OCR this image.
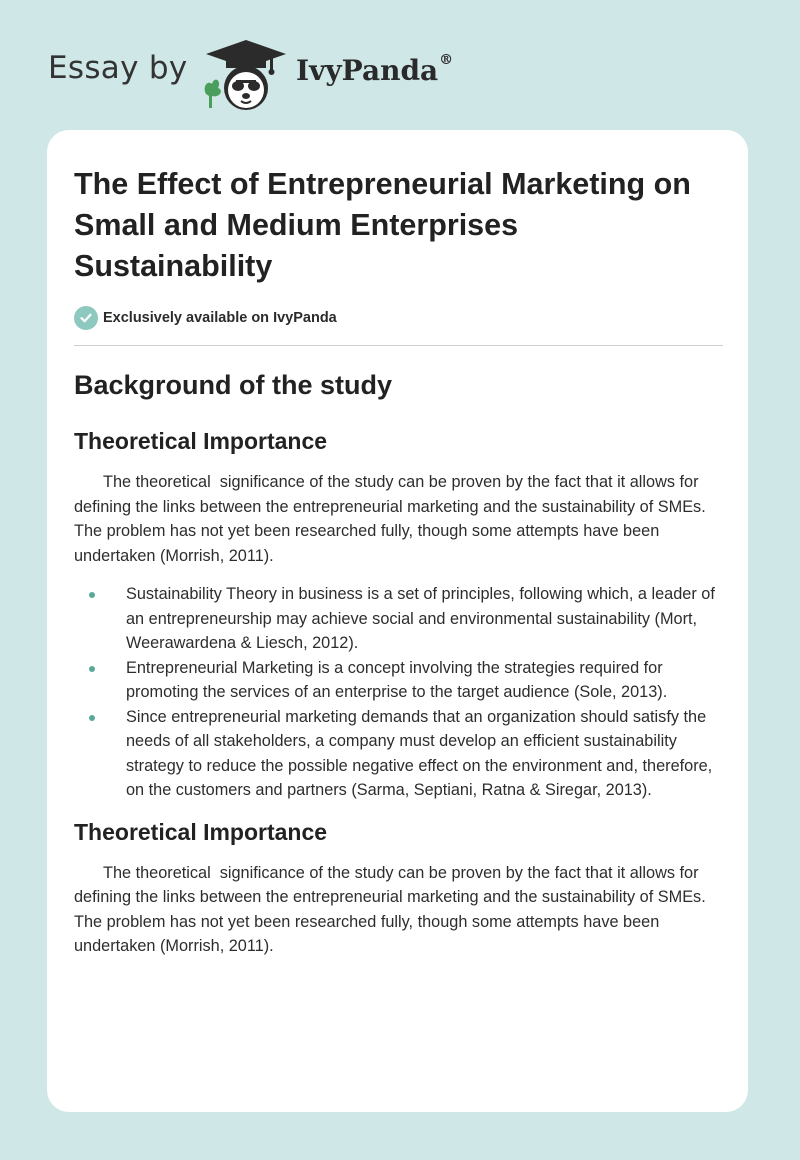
Essay by	IvyPanda®
The Effect of Entrepreneurial Marketing on Small and Medium Enterprises Sustainability
Exclusively available on IvyPanda
Background of the study
Theoretical Importance

The theoretical  significance of the study can be proven by the fact that it allows for defining the links between the entrepreneurial marketing and the sustainability of SMEs. The problem has not yet been researched fully, though some attempts have been undertaken (Morrish, 2011).

Sustainability Theory in business is a set of principles, following which, a leader of an entrepreneurship may achieve social and environmental sustainability (Mort, Weerawardena & Liesch, 2012).
Entrepreneurial Marketing is a concept involving the strategies required for promoting the services of an enterprise to the target audience (Sole, 2013).
Since entrepreneurial marketing demands that an organization should satisfy the needs of all stakeholders, a company must develop an efficient sustainability strategy to reduce the possible negative effect on the environment and, therefore, on the customers and partners (Sarma, Septiani, Ratna & Siregar, 2013).
Theoretical Importance

The theoretical  significance of the study can be proven by the fact that it allows for defining the links between the entrepreneurial marketing and the sustainability of SMEs. The problem has not yet been researched fully, though some attempts have been undertaken (Morrish, 2011).
